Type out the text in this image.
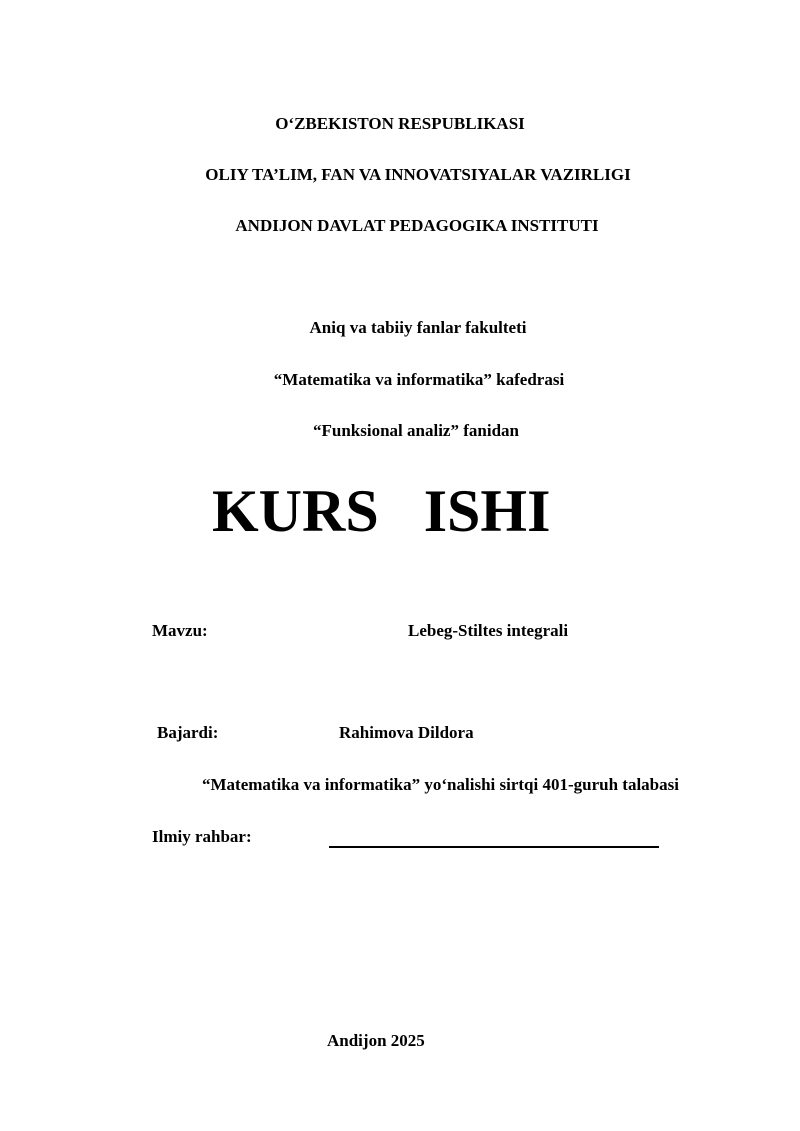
O‘ZBEKISTON RESPUBLIKASI
OLIY TA’LIM, FAN VA INNOVATSIYALAR VAZIRLIGI
ANDIJON DAVLAT PEDAGOGIKA INSTITUTI
Aniq va tabiiy fanlar fakulteti
“Matematika va informatika” kafedrasi
“Funksional analiz” fanidan
KURS   ISHI
Mavzu:	Lebeg-Stiltes integrali
Bajardi:	Rahimova Dildora
“Matematika va informatika” yo‘nalishi sirtqi 401-guruh talabasi
Ilmiy rahbar:
Andijon 2025
